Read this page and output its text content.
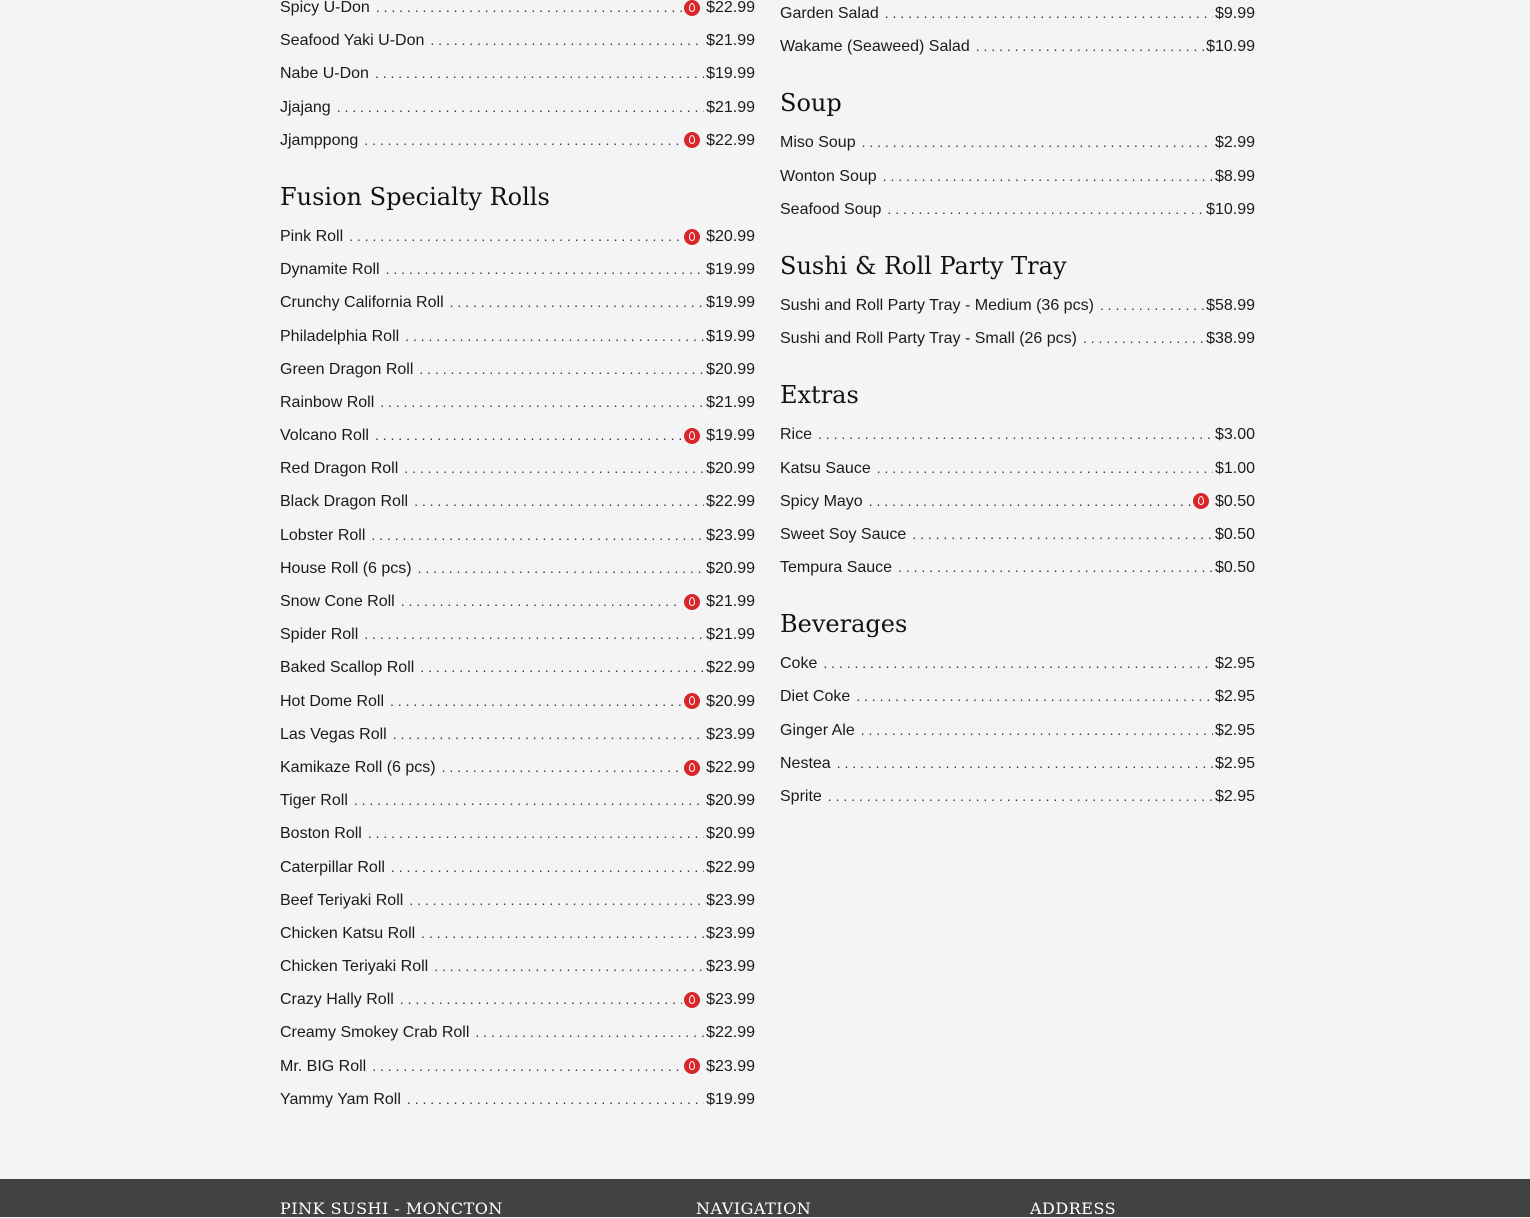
Spicy U-Don . . .	$22.99
Seafood Yaki U-Don . . .	$21.99
Nabe U-Don . . .	$19.99
Jjajang . . .	$21.99
Jjamppong . . .	$22.99
Fusion Specialty Rolls
Pink Roll . . .	$20.99
Dynamite Roll . . .	$19.99
Crunchy California Roll . . .	$19.99
Philadelphia Roll . . .	$19.99
Green Dragon Roll . . .	$20.99
Rainbow Roll . . .	$21.99
Volcano Roll . . .	$19.99
Red Dragon Roll . . .	$20.99
Black Dragon Roll . . .	$22.99
Lobster Roll . . .	$23.99
House Roll (6 pcs) . . .	$20.99
Snow Cone Roll . . .	$21.99
Spider Roll . . .	$21.99
Baked Scallop Roll . . .	$22.99
Hot Dome Roll . . .	$20.99
Las Vegas Roll . . .	$23.99
Kamikaze Roll (6 pcs) . . .	$22.99
Tiger Roll . . .	$20.99
Boston Roll . . .	$20.99
Caterpillar Roll . . .	$22.99
Beef Teriyaki Roll . . .	$23.99
Chicken Katsu Roll . . .	$23.99
Chicken Teriyaki Roll . . .	$23.99
Crazy Hally Roll . . .	$23.99
Creamy Smokey Crab Roll . . .	$22.99
Mr. BIG Roll . . .	$23.99
Yammy Yam Roll . . .	$19.99
Garden Salad . . .	$9.99
Wakame (Seaweed) Salad . . .	$10.99
Soup
Miso Soup . . .	$2.99
Wonton Soup . . .	$8.99
Seafood Soup . . .	$10.99
Sushi & Roll Party Tray
Sushi and Roll Party Tray - Medium (36 pcs) . . .	$58.99
Sushi and Roll Party Tray - Small (26 pcs) . . .	$38.99
Extras
Rice . . .	$3.00
Katsu Sauce . . .	$1.00
Spicy Mayo . . .	$0.50
Sweet Soy Sauce . . .	$0.50
Tempura Sauce . . .	$0.50
Beverages
Coke . . .	$2.95
Diet Coke . . .	$2.95
Ginger Ale . . .	$2.95
Nestea . . .	$2.95
Sprite . . .	$2.95
PINK SUSHI - MONCTON	NAVIGATION	ADDRESS
